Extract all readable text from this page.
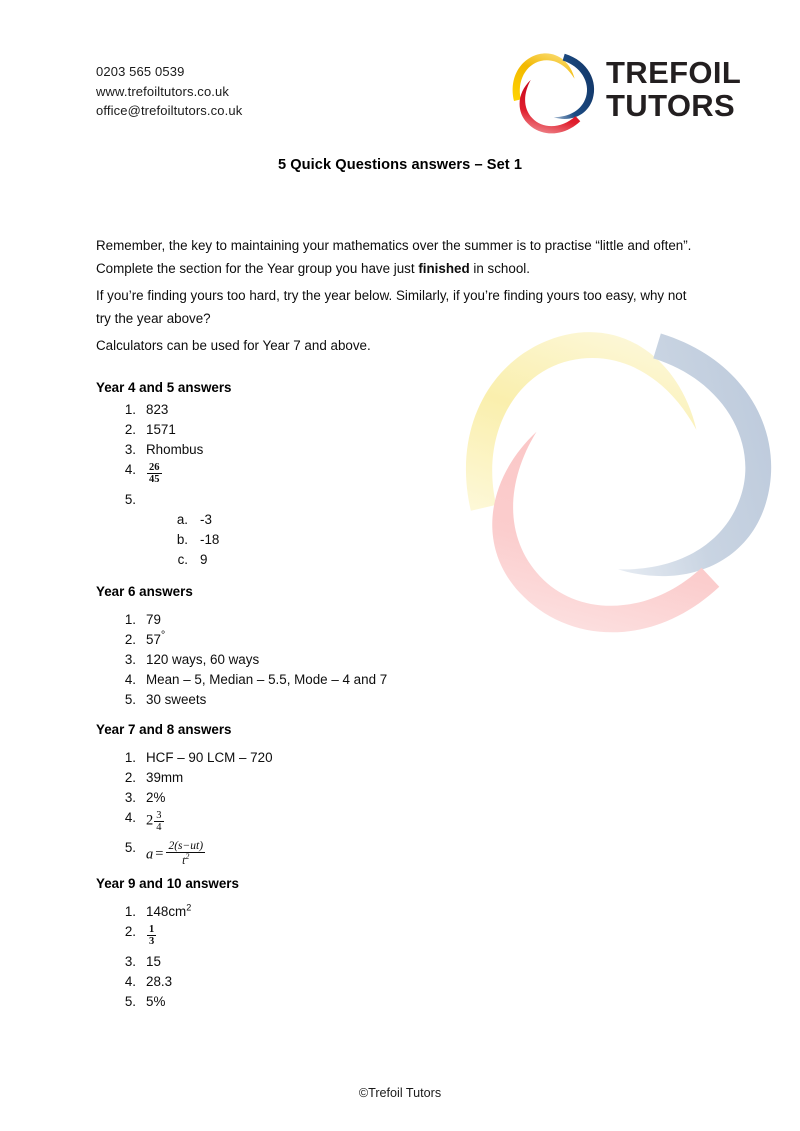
0203 565 0539
www.trefoiltutors.co.uk
office@trefoiltutors.co.uk
TREFOIL
TUTORS
5 Quick Questions answers – Set 1

Remember, the key to maintaining your mathematics over the summer is to practise “little and often”. Complete the section for the Year group you have just finished in school.

If you’re finding yours too hard, try the year below. Similarly, if you’re finding yours too easy, why not try the year above?

Calculators can be used for Year 7 and above.

Year 4 and 5 answers
1. 823
2. 1571
3. Rhombus
4. $\frac{26}{45}$
5.
a. -3
b. -18
c. 9
Year 6 answers
1. 79
2. 57°
3. 120 ways, 60 ways
4. Mean – 5, Median – 5.5, Mode – 4 and 7
5. 30 sweets
Year 7 and 8 answers
1. HCF – 90 LCM – 720
2. 39mm
3. 2%
4. $2 \frac{3}{4}$
5. $a = \frac{2(s-ut)}{t^2}$
Year 9 and 10 answers
1. $148cm^2$
2. $\frac{1}{3}$
3. 15
4. 28.3
5. 5%
©Trefoil Tutors
